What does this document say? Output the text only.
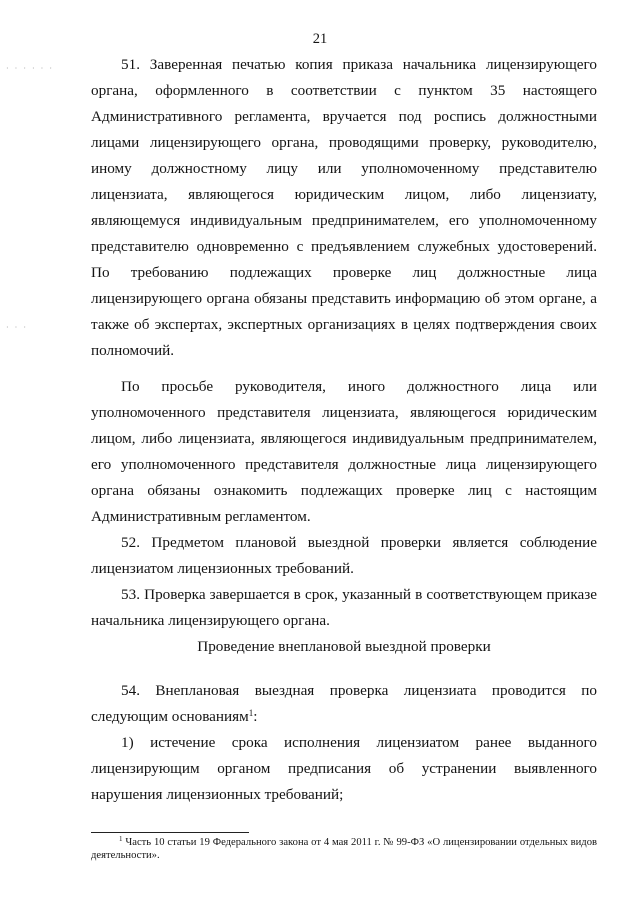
21
· · · · · ·
· · ·

51. Заверенная печатью копия приказа начальника лицензирующего органа, оформленного в соответствии с пунктом 35 настоящего Административного регламента, вручается под роспись должностными лицами лицензирующего органа, проводящими проверку, руководителю, иному должностному лицу или уполномоченному представителю лицензиата, являющегося юридическим лицом, либо лицензиату, являющемуся индивидуальным предпринимателем, его уполномоченному представителю одновременно с предъявлением служебных удостоверений. По требованию подлежащих проверке лиц должностные лица лицензирующего органа обязаны представить информацию об этом органе, а также об экспертах, экспертных организациях в целях подтверждения своих полномочий.

По просьбе руководителя, иного должностного лица или уполномоченного представителя лицензиата, являющегося юридическим лицом, либо лицензиата, являющегося индивидуальным предпринимателем, его уполномоченного представителя должностные лица лицензирующего органа обязаны ознакомить подлежащих проверке лиц с настоящим Административным регламентом.

52. Предметом плановой выездной проверки является соблюдение лицензиатом лицензионных требований.

53. Проверка завершается в срок, указанный в соответствующем приказе начальника лицензирующего органа.

Проведение внеплановой выездной проверки

54. Внеплановая выездная проверка лицензиата проводится по следующим основаниям$^1$:

1) истечение срока исполнения лицензиатом ранее выданного лицензирующим органом предписания об устранении выявленного нарушения лицензионных требований;

$^1$ Часть 10 статьи 19 Федерального закона от 4 мая 2011 г. № 99-ФЗ «О лицензировании отдельных видов деятельности».
